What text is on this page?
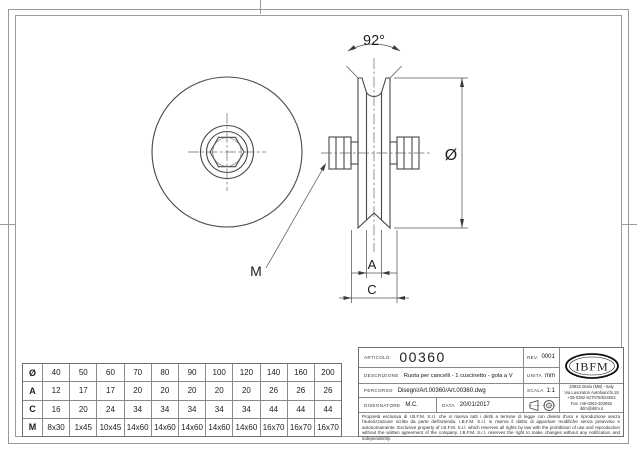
92°
Ø
A
C
M
Ø	40	50	60	70	80	90	100	120	140	160	200
A	12	17	17	20	20	20	20	20	26	26	26
C	16	20	24	34	34	34	34	34	44	44	44
M	8x30	1x45 10x45 14x60 14x60 14x60 14x60 14x60 16x70 16x70 16x70
ARTICOLO. 00360
DESCRIZIONE Ruota per cancelli - 1 cuscinetto - gola a V
PERCORSO Disegni/Art.00360/Art.00360.dwg
DISEGNATORE M.C.	DATA 20/01/2017
REV. 0001
UNITA mm
SCALA 1:1
IBFM
20832 desio (MB) - Italy
Via Lavoratori Autobianchi,18
+39-0362-627078/624502
Fax +39-0362-302892
ibfm@ibfm.it
Proprietà esclusiva di I.B.F.M. S.r.l. che si riserva tutti i diritti a termine di legge con divieto d'uso e riproduzione senza l'autorizzazione scritta da parte dell'azienda. I.B.F.M. S.r.l. si riserva il diritto di apportare modifiche senza preavviso e autonomamente. Exclusive property of I.B.F.M. S.r.l. which reserves all rights by law with the prohibition of use and reproduction without the written agreement of the company. I.B.F.M. S.r.l. reserves the right to make changes without any notification and independently.
